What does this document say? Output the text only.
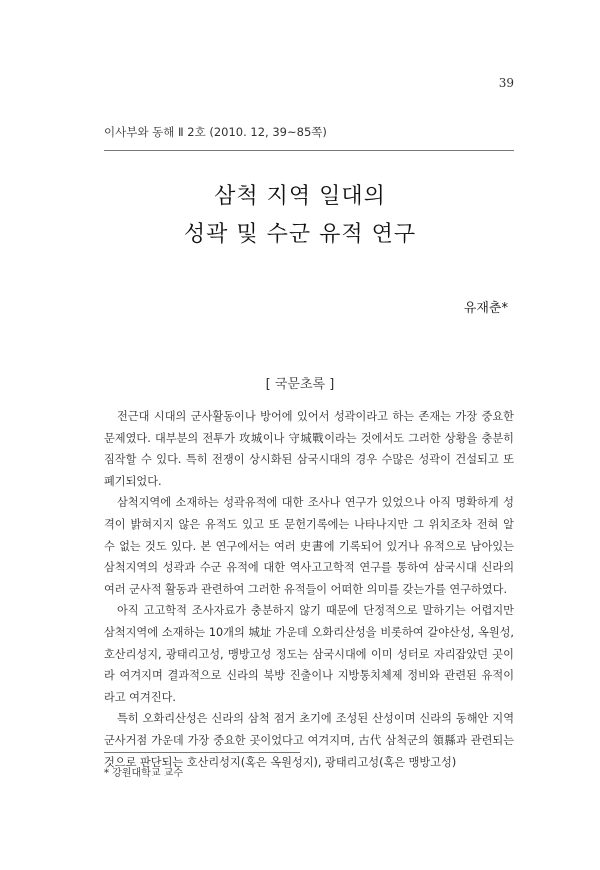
39
이사부와 동해 Ⅱ 2호 (2010. 12, 39~85쪽)
삼척 지역 일대의
성곽 및 수군 유적 연구
유재춘*
[ 국문초록 ]

전근대 시대의 군사활동이나 방어에 있어서 성곽이라고 하는 존재는 가장 중요한 문제였다. 대부분의 전투가 攻城이나 守城戰이라는 것에서도 그러한 상황을 충분히 짐작할 수 있다. 특히 전쟁이 상시화된 삼국시대의 경우 수많은 성곽이 건설되고 또 폐기되었다.

삼척지역에 소재하는 성곽유적에 대한 조사나 연구가 있었으나 아직 명확하게 성격이 밝혀지지 않은 유적도 있고 또 문헌기록에는 나타나지만 그 위치조차 전혀 알 수 없는 것도 있다. 본 연구에서는 여러 史書에 기록되어 있거나 유적으로 남아있는 삼척지역의 성곽과 수군 유적에 대한 역사고고학적 연구를 통하여 삼국시대 신라의 여러 군사적 활동과 관련하여 그러한 유적들이 어떠한 의미를 갖는가를 연구하였다.

아직 고고학적 조사자료가 충분하지 않기 때문에 단정적으로 말하기는 어렵지만 삼척지역에 소재하는 10개의 城址 가운데 오화리산성을 비롯하여 갈야산성, 옥원성, 호산리성지, 광태리고성, 맹방고성 정도는 삼국시대에 이미 성터로 자리잡았던 곳이라 여겨지며 결과적으로 신라의 북방 진출이나 지방통치체제 정비와 관련된 유적이라고 여겨진다.

특히 오화리산성은 신라의 삼척 점거 초기에 조성된 산성이며 신라의 동해안 지역 군사거점 가운데 가장 중요한 곳이었다고 여겨지며, 古代 삼척군의 領縣과 관련되는 것으로 판단되는 호산리성지(혹은 옥원성지), 광태리고성(혹은 맹방고성)

* 강원대학교 교수
